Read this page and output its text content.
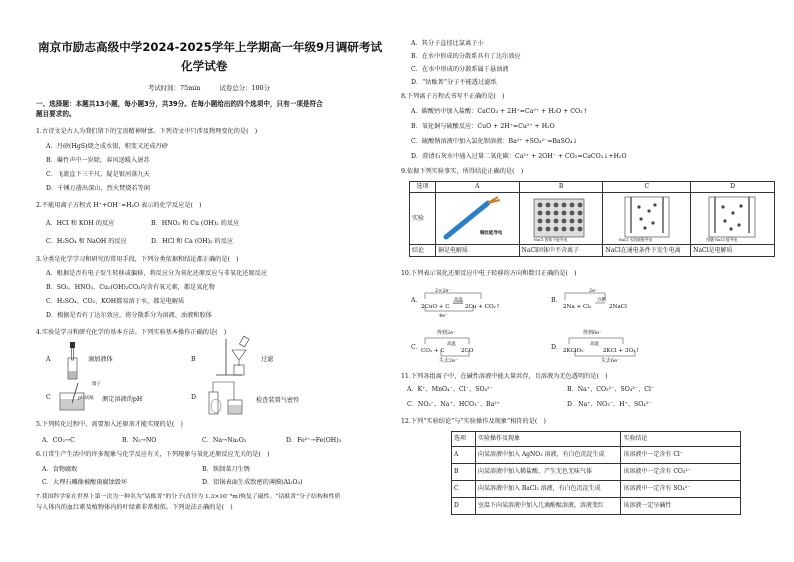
南京市励志高级中学2024-2025学年上学期高一年级9月调研考试
化学试卷
考试时间：75min　　　试卷总分：100分
一、选择题：本题共13小题，每小题3分，共39分。在每小题给出的四个选项中，只有一项是符合
题目要求的。
1.古诗文是古人为我们留下的宝贵精神财富。下列诗文中只涉及物理变化的是(　)
A．丹砂(HgS)烧之成水银，积变又还成丹砂
B．爆竹声中一岁除，春风送暖入屠苏
C．飞流直下三千尺，疑是银河落九天
D．千锤万凿出深山，烈火焚烧若等闲
2.不能用离子方程式 H⁺+OH⁻=H₂O 表示的化学反应是(　)
A．HCl 和 KOH 的反应	B．HNO₃ 和 Cu (OH)₂ 的反应
C．H₂SO₄ 和 NaOH 的反应	D．HCl 和 Ca (OH)₂ 的反应
3.分类是化学学习和研究的常用手段，下列分类依据和结论都正确的是(　)
A．根据是否有电子发生转移或偏移，将反应分为氧化还原反应与非氧化还原反应
B．SO₂、HNO₃、Cu₂(OH)₂CO₃均含有氧元素，都是氧化物
C．H₂SO₄、CO₂、KOH都易溶于水，都是电解质
D．根据是否有丁达尔效应，将分散系分为溶液、浊液和胶体
4.实验是学习和研究化学的基本方法。下列实验基本操作正确的是(　)
A	滴加液体	B	过滤
C
镊子
pH试纸 测定溶液的pH	D	检查装置气密性
5.下列转化过程中，需要加入还原剂才能实现的是(　)
A．CO₂→C	B．N₂→NO	C．Na→Na₂O₂	D．Fe²⁺→Fe(OH)₃
6.日常生产生活中的许多现象与化学反应有关，下列现象与氧化还原反应无关的是(　)
A．食物腐败	B．铁制菜刀生锈
C．大理石雕像被酸雨腐蚀毁坏	D．铝锅表面生成致密的薄膜(Al₂O₃)
7.我国科学家在世界上第一次为一种名为“钴酞菁”的分子(直径为 1.3×10⁻⁹m)恢复了磁性。“钴酞菁”分子结构和性质
与人体内的血红素及植物体内的叶绿素非常相似。下列说法正确的是(　)
A．其分子直径比氯离子小
B．在水中形成的分散系具有丁达尔效应
C．在水中形成的分散系属于悬浊液
D．“钴酞菁”分子不能透过滤纸
8.下列离子方程式书写不正确的是(　)
A．碳酸钙中加入盐酸：CaCO₃ + 2H⁺=Ca²⁺ + H₂O + CO₂↑
B．氧化铜与硫酸反应：CuO + 2H⁺=Cu²⁺ + H₂O
C．硫酸钠溶液中加入氯化钡溶液：Ba²⁺ +SO₄²⁻=BaSO₄↓
D．澄清石灰水中通入过量二氧化碳：Ca²⁺ + 2OH⁻ + CO₂=CaCO₃↓+H₂O
9.依据下列实验事实，所得结论正确的是(　)
选项	A	B	C	D
实验	铜丝能导电	NaCl 固体不能导电	NaCl 水溶液能导电	熔融 NaCl 能导电

结论	铜是电解质	NaCl固体中不含离子	NaCl在通电条件下发生电离	NaCl是电解质
10.下列表示氧化还原反应中电子转移的方向和数目正确的是(　)
A．
2×2e⁻
2CuO + C
高温
2Cu + CO₂↑
4e⁻
B．
2e⁻
2Na + Cl₂
点燃
2NaCl
C．
得到2e⁻
CO₂ + C
高温
2CO
失去2e⁻
D．
得到6e⁻
2KClO₃
高温
2KCl + 3O₂↑
失去6e⁻
11.下列各组离子中，在碱性溶液中能大量共存，且溶液为无色透明的是(　)
A．K⁺、MnO₄⁻、Cl⁻、SO₄²⁻	B．Na⁺、CO₃²⁻、SO₄²⁻、Cl⁻
C．NO₃⁻、Na⁺、HCO₃⁻、Ba²⁺	D．Na⁺、NO₃⁻、H⁺、SO₄²⁻
12.下列“实验结论”与“实验操作及现象”相符的是(　)
选项	实验操作及现象	实验结论
A	向某溶液中加入 AgNO₃ 溶液，有白色沉淀生成	该溶液中一定含有 Cl⁻
B	向某溶液中加入稀盐酸，产生无色无味气体	该溶液中一定含有 CO₃²⁻
C	向某溶液中加入 BaCl₂ 溶液，有白色沉淀生成	该溶液中一定含有 SO₄²⁻
D	室温下向某溶液中加入几滴酚酞溶液，溶液变红	该溶液一定呈碱性
